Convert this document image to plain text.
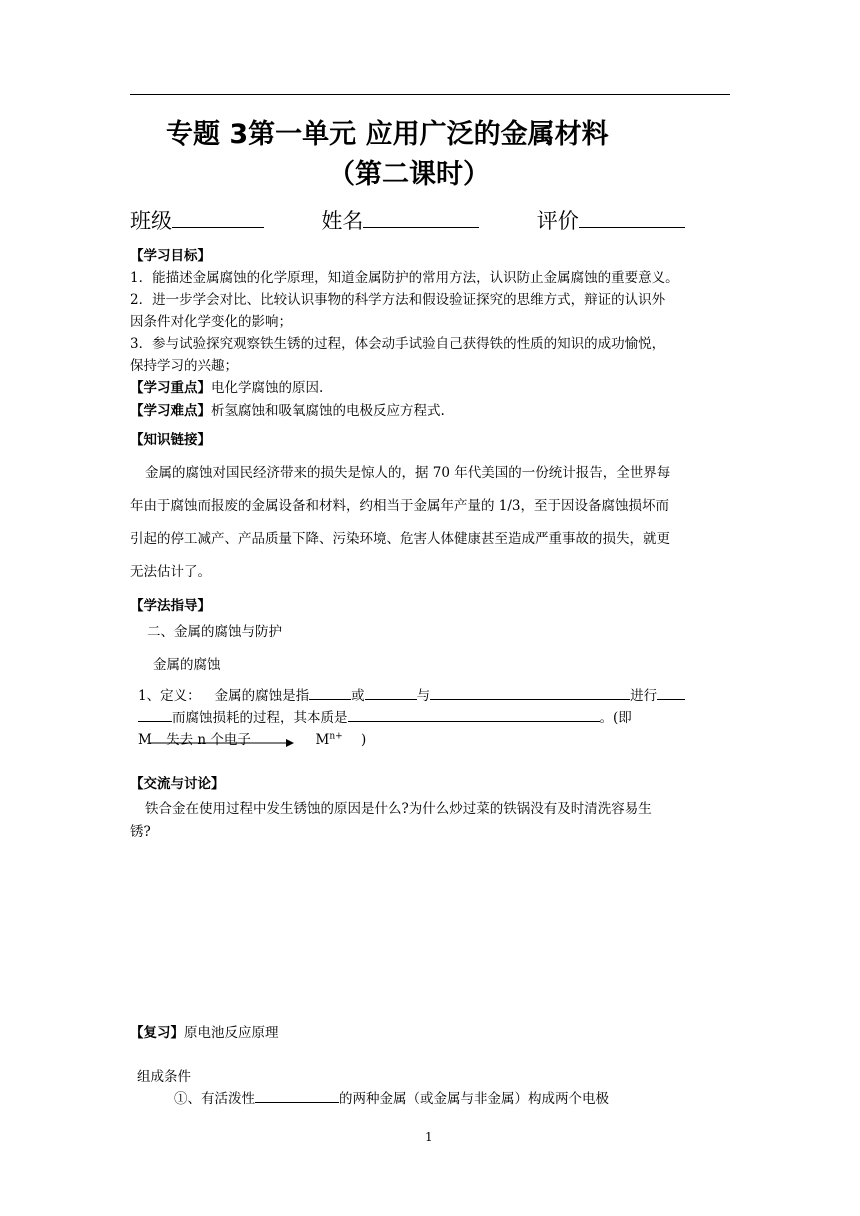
专题 3第一单元 应用广泛的金属材料
（第二课时）
班级	姓名	评价
【学习目标】
1．能描述金属腐蚀的化学原理，知道金属防护的常用方法，认识防止金属腐蚀的重要意义。
2．进一步学会对比、比较认识事物的科学方法和假设验证探究的思维方式，辩证的认识外
因条件对化学变化的影响；
3．参与试验探究观察铁生锈的过程，体会动手试验自己获得铁的性质的知识的成功愉悦，
保持学习的兴趣；
【学习重点】电化学腐蚀的原因.
【学习难点】析氢腐蚀和吸氧腐蚀的电极反应方程式.
【知识链接】
金属的腐蚀对国民经济带来的损失是惊人的，据 70 年代美国的一份统计报告，全世界每
年由于腐蚀而报废的金属设备和材料，约相当于金属年产量的 1/3，至于因设备腐蚀损坏而
引起的停工减产、产品质量下降、污染环境、危害人体健康甚至造成严重事故的损失，就更
无法估计了。
【学法指导】
二、金属的腐蚀与防护
金属的腐蚀
1、定义： 金属的腐蚀是指	或	与	进行
而腐蚀损耗的过程，其本质是	。(即
M 失去 n 个电子	$M^{n+}$ )
【交流与讨论】
铁合金在使用过程中发生锈蚀的原因是什么?为什么炒过菜的铁锅没有及时清洗容易生
锈?
【复习】原电池反应原理
组成条件
①、有活泼性	的两种金属（或金属与非金属）构成两个电极
1
